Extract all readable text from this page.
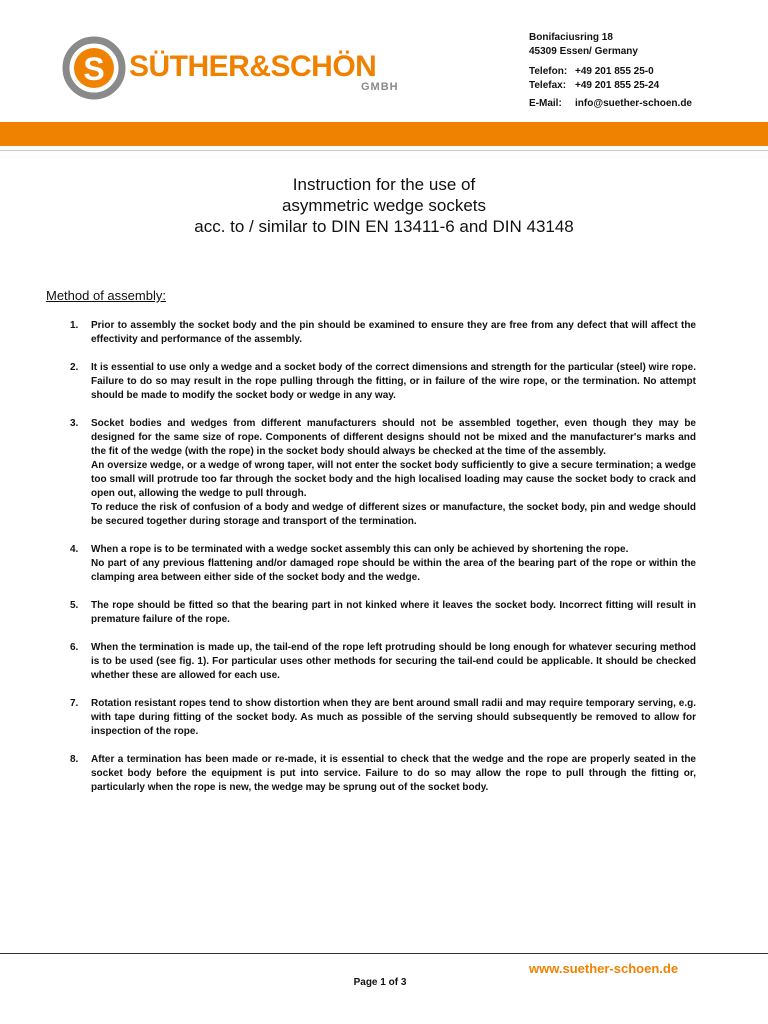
S SÜTHER&SCHÖN
GMBH
Bonifaciusring 18
45309 Essen/ Germany
Telefon: +49 201 855 25-0
Telefax: +49 201 855 25-24
E-Mail:	info@suether-schoen.de
Instruction for the use of
asymmetric wedge sockets
acc. to / similar to DIN EN 13411-6 and DIN 43148
Method of assembly:
1.	Prior to assembly the socket body and the pin should be examined to ensure they are free from any defect that will affect the effectivity and performance of the assembly.

2.	It is essential to use only a wedge and a socket body of the correct dimensions and strength for the particular (steel) wire rope. Failure to do so may result in the rope pulling through the fitting, or in failure of the wire rope, or the termination. No attempt should be made to modify the socket body or wedge in any way.

3.	Socket bodies and wedges from different manufacturers should not be assembled together, even though they may be designed for the same size of rope. Components of different designs should not be mixed and the manufacturer's marks and the fit of the wedge (with the rope) in the socket body should always be checked at the time of the assembly.

An oversize wedge, or a wedge of wrong taper, will not enter the socket body sufficiently to give a secure termination; a wedge too small will protrude too far through the socket body and the high localised loading may cause the socket body to crack and open out, allowing the wedge to pull through.

To reduce the risk of confusion of a body and wedge of different sizes or manufacture, the socket body, pin and wedge should be secured together during storage and transport of the termination.

4.	When a rope is to be terminated with a wedge socket assembly this can only be achieved by shortening the rope.

No part of any previous flattening and/or damaged rope should be within the area of the bearing part of the rope or within the clamping area between either side of the socket body and the wedge.

5.	The rope should be fitted so that the bearing part in not kinked where it leaves the socket body. Incorrect fitting will result in premature failure of the rope.

6.	When the termination is made up, the tail-end of the rope left protruding should be long enough for whatever securing method is to be used (see fig. 1). For particular uses other methods for securing the tail-end could be applicable. It should be checked whether these are allowed for each use.

7.	Rotation resistant ropes tend to show distortion when they are bent around small radii and may require temporary serving, e.g. with tape during fitting of the socket body. As much as possible of the serving should subsequently be removed to allow for inspection of the rope.

8.	After a termination has been made or re-made, it is essential to check that the wedge and the rope are properly seated in the socket body before the equipment is put into service. Failure to do so may allow the rope to pull through the fitting or, particularly when the rope is new, the wedge may be sprung out of the socket body.

www.suether-schoen.de
Page 1 of 3
